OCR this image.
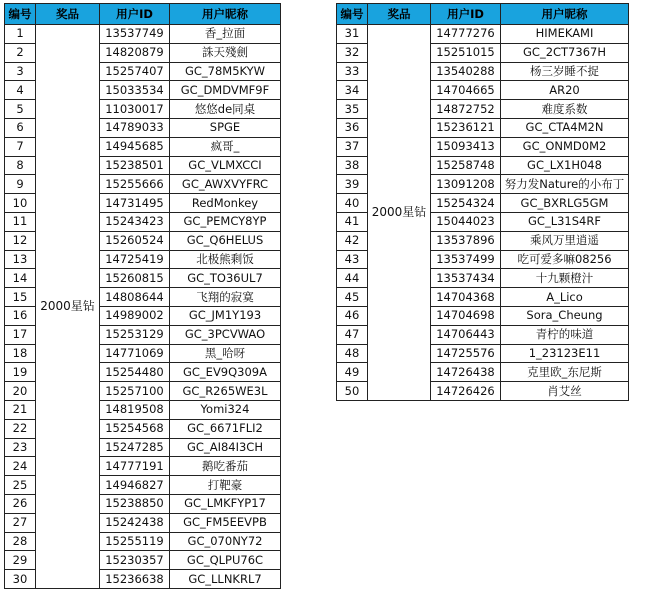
编号	奖品	用户ID	用户昵称
1	2000星钻	13537749	香_拉面
2		14820879	誅天殘劍
3		15257407	GC_78M5KYW
4		15033534	GC_DMDVMF9F
5		11030017	悠悠de同桌
6		14789033	SPGE
7		14945685	疯哥_
8		15238501	GC_VLMXCCI
9		15255666	GC_AWXVYFRC
10		14731495	RedMonkey
11		15243423	GC_PEMCY8YP
12		15260524	GC_Q6HELUS
13		14725419	北极熊剩饭
14		15260815	GC_TO36UL7
15		14808644	飞翔的寂寞
16		14989002	GC_JM1Y193
17		15253129	GC_3PCVWAO
18		14771069	黑_哈呀
19		15254480	GC_EV9Q309A
20		15257100	GC_R265WE3L
21		14819508	Yomi324
22		15254568	GC_6671FLI2
23		15247285	GC_AI84I3CH
24		14777191	鹅吃番茄
25		14946827	打靶豪
26		15238850	GC_LMKFYP17
27		15242438	GC_FM5EEVPB
28		15255119	GC_070NY72
29		15230357	GC_QLPU76C
30		15236638	GC_LLNKRL7
编号	奖品	用户ID	用户昵称
31	2000星钻	14777276	HIMEKAMI
32		15251015	GC_2CT7367H
33		13540288	杨三岁睡不捉
34		14704665	AR20
35		14872752	难度系数
36		15236121	GC_CTA4M2N
37		15093413	GC_ONMD0M2
38		15258748	GC_LX1H048
39		13091208	努力发Nature的小布丁
40		15254324	GC_BXRLG5GM
41		15044023	GC_L31S4RF
42		13537896	乘风万里逍遥
43		13537499	吃可爱多嘛08256
44		13537434	十九颗橙汁
45		14704368	A_Lico
46		14704698	Sora_Cheung
47		14706443	青柠的味道
48		14725576	1_23123E11
49		14726438	克里欧_东尼斯
50		14726426	肖艾丝
